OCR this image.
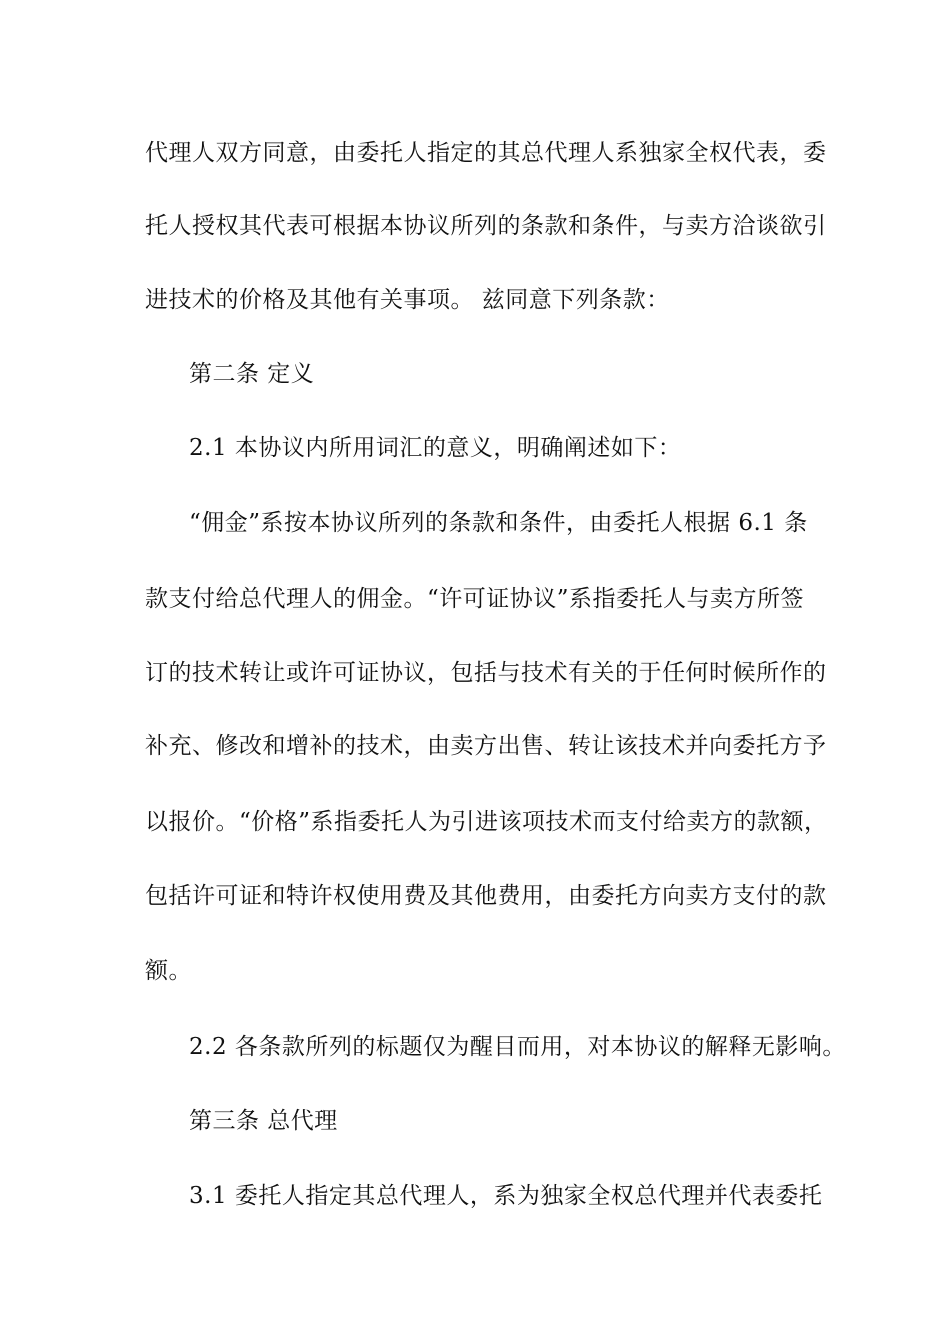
代理人双方同意，由委托人指定的其总代理人系独家全权代表，委
托人授权其代表可根据本协议所列的条款和条件，与卖方洽谈欲引
进技术的价格及其他有关事项。 兹同意下列条款：
第二条 定义
2.1 本协议内所用词汇的意义，明确阐述如下：
“佣金”系按本协议所列的条款和条件，由委托人根据 6.1 条
款支付给总代理人的佣金。“许可证协议”系指委托人与卖方所签
订的技术转让或许可证协议，包括与技术有关的于任何时候所作的
补充、修改和增补的技术，由卖方出售、转让该技术并向委托方予
以报价。“价格”系指委托人为引进该项技术而支付给卖方的款额，
包括许可证和特许权使用费及其他费用，由委托方向卖方支付的款
额。
2.2 各条款所列的标题仅为醒目而用，对本协议的解释无影响。
第三条 总代理
3.1 委托人指定其总代理人，系为独家全权总代理并代表委托
